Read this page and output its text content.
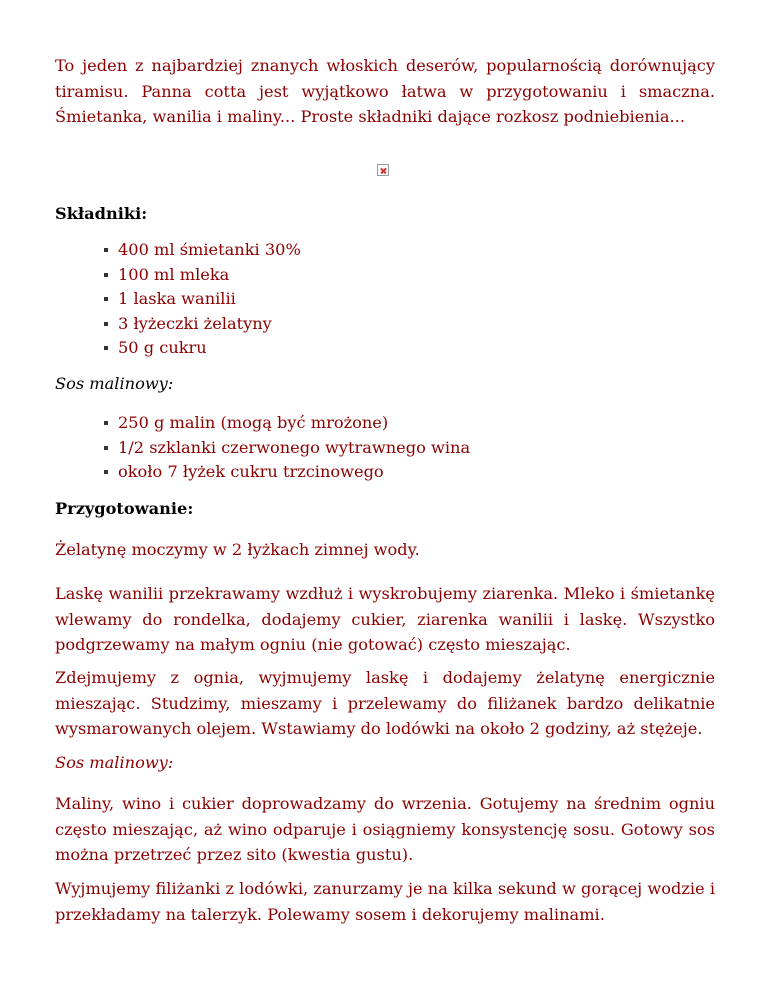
To jeden z najbardziej znanych włoskich deserów, popularnością dorównujący tiramisu. Panna cotta jest wyjątkowo łatwa w przygotowaniu i smaczna. Śmietanka, wanilia i maliny... Proste składniki dające rozkosz podniebienia...

Składniki:
400 ml śmietanki 30%
100 ml mleka
1 laska wanilii
3 łyżeczki żelatyny
50 g cukru

Sos malinowy:

250 g malin (mogą być mrożone)
1/2 szklanki czerwonego wytrawnego wina
około 7 łyżek cukru trzcinowego
Przygotowanie:

Żelatynę moczymy w 2 łyżkach zimnej wody.

Laskę wanilii przekrawamy wzdłuż i wyskrobujemy ziarenka. Mleko i śmietankę wlewamy do rondelka, dodajemy cukier, ziarenka wanilii i laskę. Wszystko podgrzewamy na małym ogniu (nie gotować) często mieszając.

Zdejmujemy z ognia, wyjmujemy laskę i dodajemy żelatynę energicznie mieszając. Studzimy, mieszamy i przelewamy do filiżanek bardzo delikatnie wysmarowanych olejem. Wstawiamy do lodówki na około 2 godziny, aż stężeje.

Sos malinowy:

Maliny, wino i cukier doprowadzamy do wrzenia. Gotujemy na średnim ogniu często mieszając, aż wino odparuje i osiągniemy konsystencję sosu. Gotowy sos można przetrzeć przez sito (kwestia gustu).

Wyjmujemy filiżanki z lodówki, zanurzamy je na kilka sekund w gorącej wodzie i przekładamy na talerzyk. Polewamy sosem i dekorujemy malinami.
